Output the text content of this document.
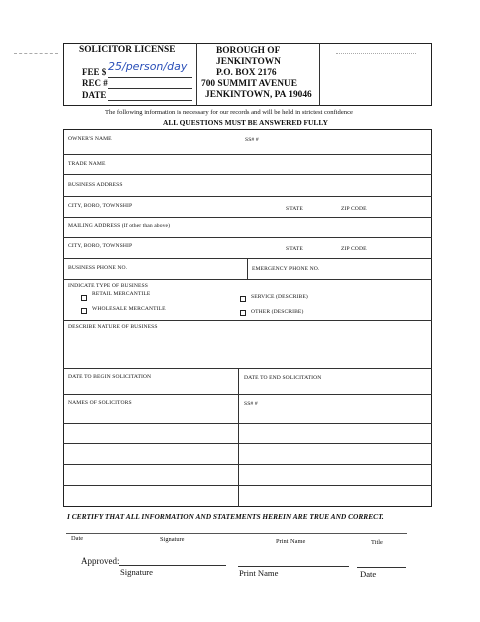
SOLICITOR LICENSE
FEE $ 25/person/day
REC #
DATE
BOROUGH OF
JENKINTOWN
P.O. BOX 2176
700 SUMMIT AVENUE
JENKINTOWN, PA 19046
The following information is necessary for our records and will be held in strictest confidence
ALL QUESTIONS MUST BE ANSWERED FULLY
OWNER'S NAME	SS# #
TRADE NAME
BUSINESS ADDRESS
CITY, BORO, TOWNSHIP	STATE	ZIP CODE
MAILING ADDRESS (If other than above)
CITY, BORO, TOWNSHIP	STATE	ZIP CODE
BUSINESS PHONE NO.	EMERGENCY PHONE NO.
INDICATE TYPE OF BUSINESS
RETAIL MERCANTILE
WHOLESALE MERCANTILE
SERVICE (DESCRIBE)
OTHER (DESCRIBE)
DESCRIBE NATURE OF BUSINESS
DATE TO BEGIN SOLICITATION	DATE TO END SOLICITATION
NAMES OF SOLICITORS	SS# #
I CERTIFY THAT ALL INFORMATION AND STATEMENTS HEREIN ARE TRUE AND CORRECT.
Date	Signature	Print Name	Title
Approved:
Signature	Print Name	Date
